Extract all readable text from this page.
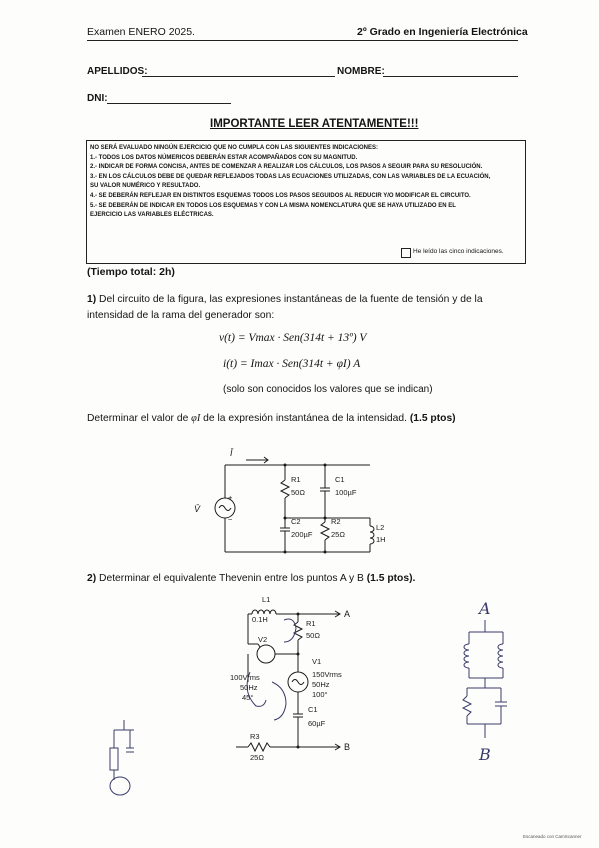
Examen ENERO 2025.	2º Grado en Ingeniería Electrónica
APELLIDOS:	NOMBRE:
DNI:
IMPORTANTE LEER ATENTAMENTE!!!
NO SERÁ EVALUADO NINGÚN EJERCICIO QUE NO CUMPLA CON LAS SIGUIENTES INDICACIONES:
1.- TODOS LOS DATOS NÚMERICOS DEBERÁN ESTAR ACOMPAÑADOS CON SU MAGNITUD.
2.- INDICAR DE FORMA CONCISA, ANTES DE COMENZAR A REALIZAR LOS CÁLCULOS, LOS PASOS A SEGUIR PARA SU RESOLUCIÓN.
3.- EN LOS CÁLCULOS DEBE DE QUEDAR REFLEJADOS TODAS LAS ECUACIONES UTILIZADAS, CON LAS VARIABLES DE LA ECUACIÓN,
SU VALOR NUMÉRICO Y RESULTADO.
4.- SE DEBERÁN REFLEJAR EN DISTINTOS ESQUEMAS TODOS LOS PASOS SEGUIDOS AL REDUCIR Y/O MODIFICAR EL CIRCUITO.
5.- SE DEBERÁN DE INDICAR EN TODOS LOS ESQUEMAS Y CON LA MISMA NOMENCLATURA QUE SE HAYA UTILIZADO EN EL
EJERCICIO LAS VARIABLES ELÉCTRICAS.
He leído las cinco indicaciones.
(Tiempo total: 2h)
1) Del circuito de la figura, las expresiones instantáneas de la fuente de tensión y de la
intensidad de la rama del generador son:
v(t) = Vmax · Sen(314t + 13º) V
i(t) = Imax · Sen(314t + φI) A
(solo son conocidos los valores que se indican)
Determinar el valor de φI de la expresión instantánea de la intensidad. (1.5 ptos)
+
−
Ī
V̄
R1
50Ω
C1
100µF
C2
200µF
R2
25Ω
L2
1H
2) Determinar el equivalente Thevenin entre los puntos A y B (1.5 ptos).
L1
0.1H	R1
50Ω
V2
100Vrms
50Hz
45°
V1
150Vrms
50Hz
100°
C1
60µF
R3
25Ω
A
B
A
B
Escaneado con CamScanner
